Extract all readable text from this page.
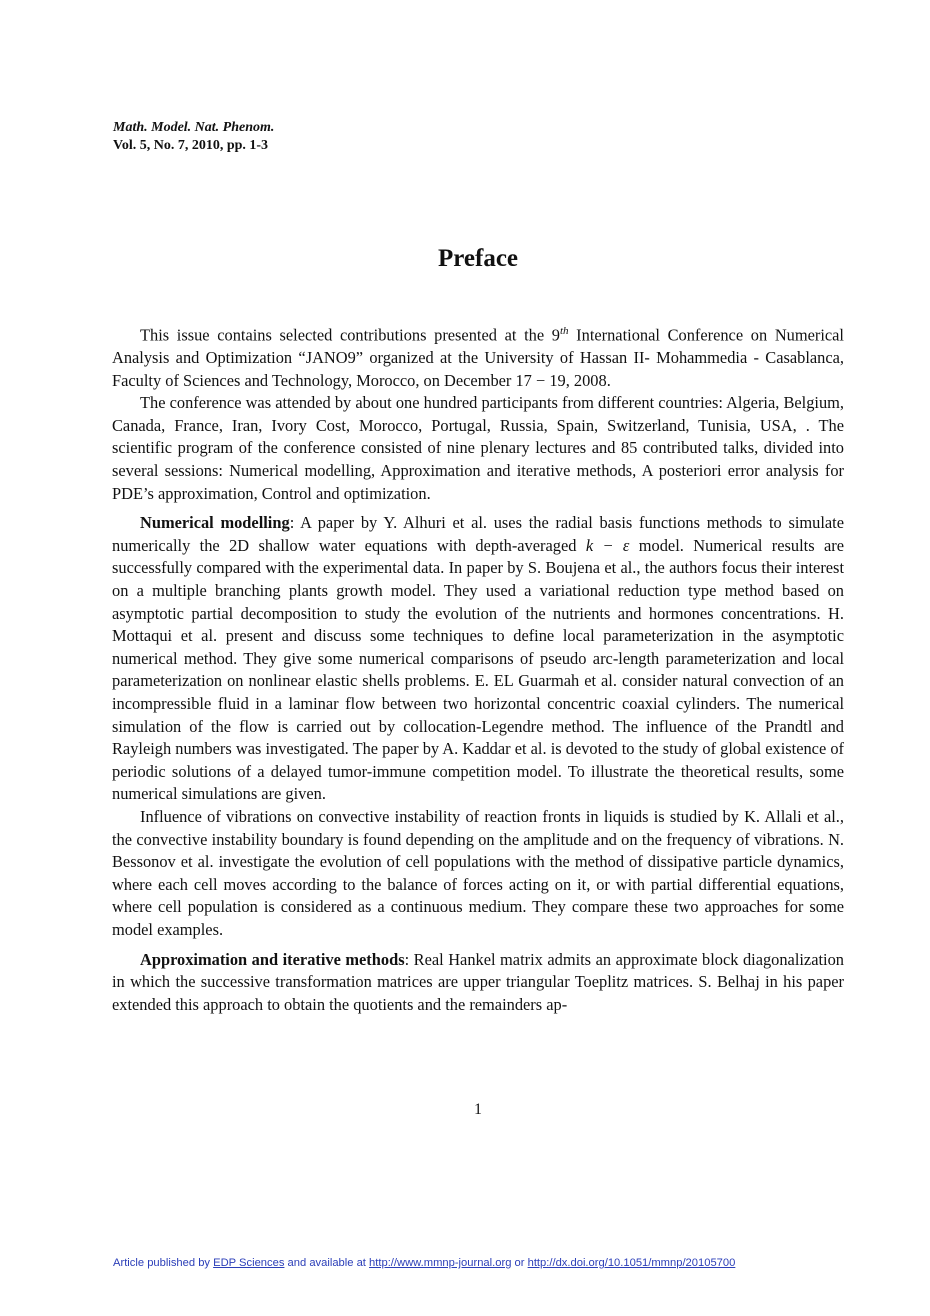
Math. Model. Nat. Phenom.
Vol. 5, No. 7, 2010, pp. 1-3
Preface

This issue contains selected contributions presented at the 9th International Conference on Numerical Analysis and Optimization “JANO9” organized at the University of Hassan II- Mohammedia - Casablanca, Faculty of Sciences and Technology, Morocco, on December 17 − 19, 2008.

The conference was attended by about one hundred participants from different countries: Algeria, Belgium, Canada, France, Iran, Ivory Cost, Morocco, Portugal, Russia, Spain, Switzerland, Tunisia, USA, . The scientific program of the conference consisted of nine plenary lectures and 85 contributed talks, divided into several sessions: Numerical modelling, Approximation and iterative methods, A posteriori error analysis for PDE’s approximation, Control and optimization.

Numerical modelling: A paper by Y. Alhuri et al. uses the radial basis functions methods to simulate numerically the 2D shallow water equations with depth-averaged k − ε model. Numerical results are successfully compared with the experimental data. In paper by S. Boujena et al., the authors focus their interest on a multiple branching plants growth model. They used a variational reduction type method based on asymptotic partial decomposition to study the evolution of the nutrients and hormones concentrations. H. Mottaqui et al. present and discuss some techniques to define local parameterization in the asymptotic numerical method. They give some numerical comparisons of pseudo arc-length parameterization and local parameterization on nonlinear elastic shells problems. E. EL Guarmah et al. consider natural convection of an incompressible fluid in a laminar flow between two horizontal concentric coaxial cylinders. The numerical simulation of the flow is carried out by collocation-Legendre method. The influence of the Prandtl and Rayleigh numbers was investigated. The paper by A. Kaddar et al. is devoted to the study of global existence of periodic solutions of a delayed tumor-immune competition model. To illustrate the theoretical results, some numerical simulations are given.

Influence of vibrations on convective instability of reaction fronts in liquids is studied by K. Allali et al., the convective instability boundary is found depending on the amplitude and on the frequency of vibrations. N. Bessonov et al. investigate the evolution of cell populations with the method of dissipative particle dynamics, where each cell moves according to the balance of forces acting on it, or with partial differential equations, where cell population is considered as a continuous medium. They compare these two approaches for some model examples.

Approximation and iterative methods: Real Hankel matrix admits an approximate block diagonalization in which the successive transformation matrices are upper triangular Toeplitz matrices. S. Belhaj in his paper extended this approach to obtain the quotients and the remainders ap-

1
Article published by EDP Sciences and available at http://www.mmnp-journal.org or http://dx.doi.org/10.1051/mmnp/20105700
